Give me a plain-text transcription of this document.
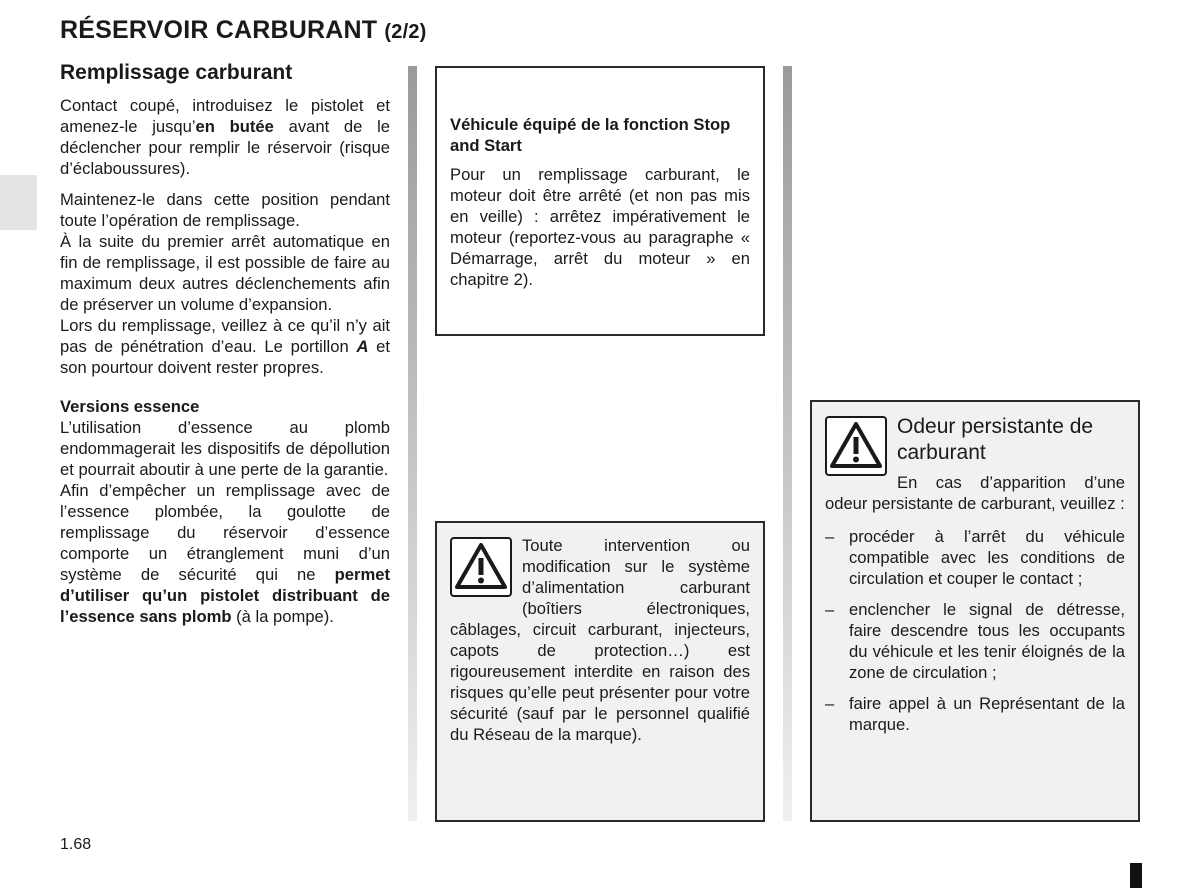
RÉSERVOIR CARBURANT (2/2)
Remplissage carburant

Contact coupé, introduisez le pistolet et amenez-le jusqu’en butée avant de le déclencher pour remplir le réservoir (risque d’éclaboussures).

Maintenez-le dans cette position pendant toute l’opération de remplissage.

À la suite du premier arrêt automatique en fin de remplissage, il est possible de faire au maximum deux autres déclenchements afin de préserver un volume d’expansion.

Lors du remplissage, veillez à ce qu’il n’y ait pas de pénétration d’eau. Le portillon A et son pourtour doivent rester propres.

Versions essence

L’utilisation d’essence au plomb endommagerait les dispositifs de dépollution et pourrait aboutir à une perte de la garantie.

Afin d’empêcher un remplissage avec de l’essence plombée, la goulotte de remplissage du réservoir d’essence comporte un étranglement muni d’un système de sécurité qui ne permet d’utiliser qu’un pistolet distribuant de l’essence sans plomb (à la pompe).

Véhicule équipé de la fonction Stop and Start

Pour un remplissage carburant, le moteur doit être arrêté (et non pas mis en veille) : arrêtez impérativement le moteur (reportez-vous au paragraphe « Démarrage, arrêt du moteur » en chapitre 2).

Toute intervention ou modification sur le système d’alimentation carburant (boîtiers électroniques, câblages, circuit carburant, injecteurs, capots de protection…) est rigoureusement interdite en raison des risques qu’elle peut présenter pour votre sécurité (sauf par le personnel qualifié du Réseau de la marque).

Odeur persistante de carburant

En cas d’apparition d’une odeur persistante de carburant, veuillez :

– procéder à l’arrêt du véhicule compatible avec les conditions de circulation et couper le contact ;
– enclencher le signal de détresse, faire descendre tous les occupants du véhicule et les tenir éloignés de la zone de circulation ;
– faire appel à un Représentant de la marque.
1.68
